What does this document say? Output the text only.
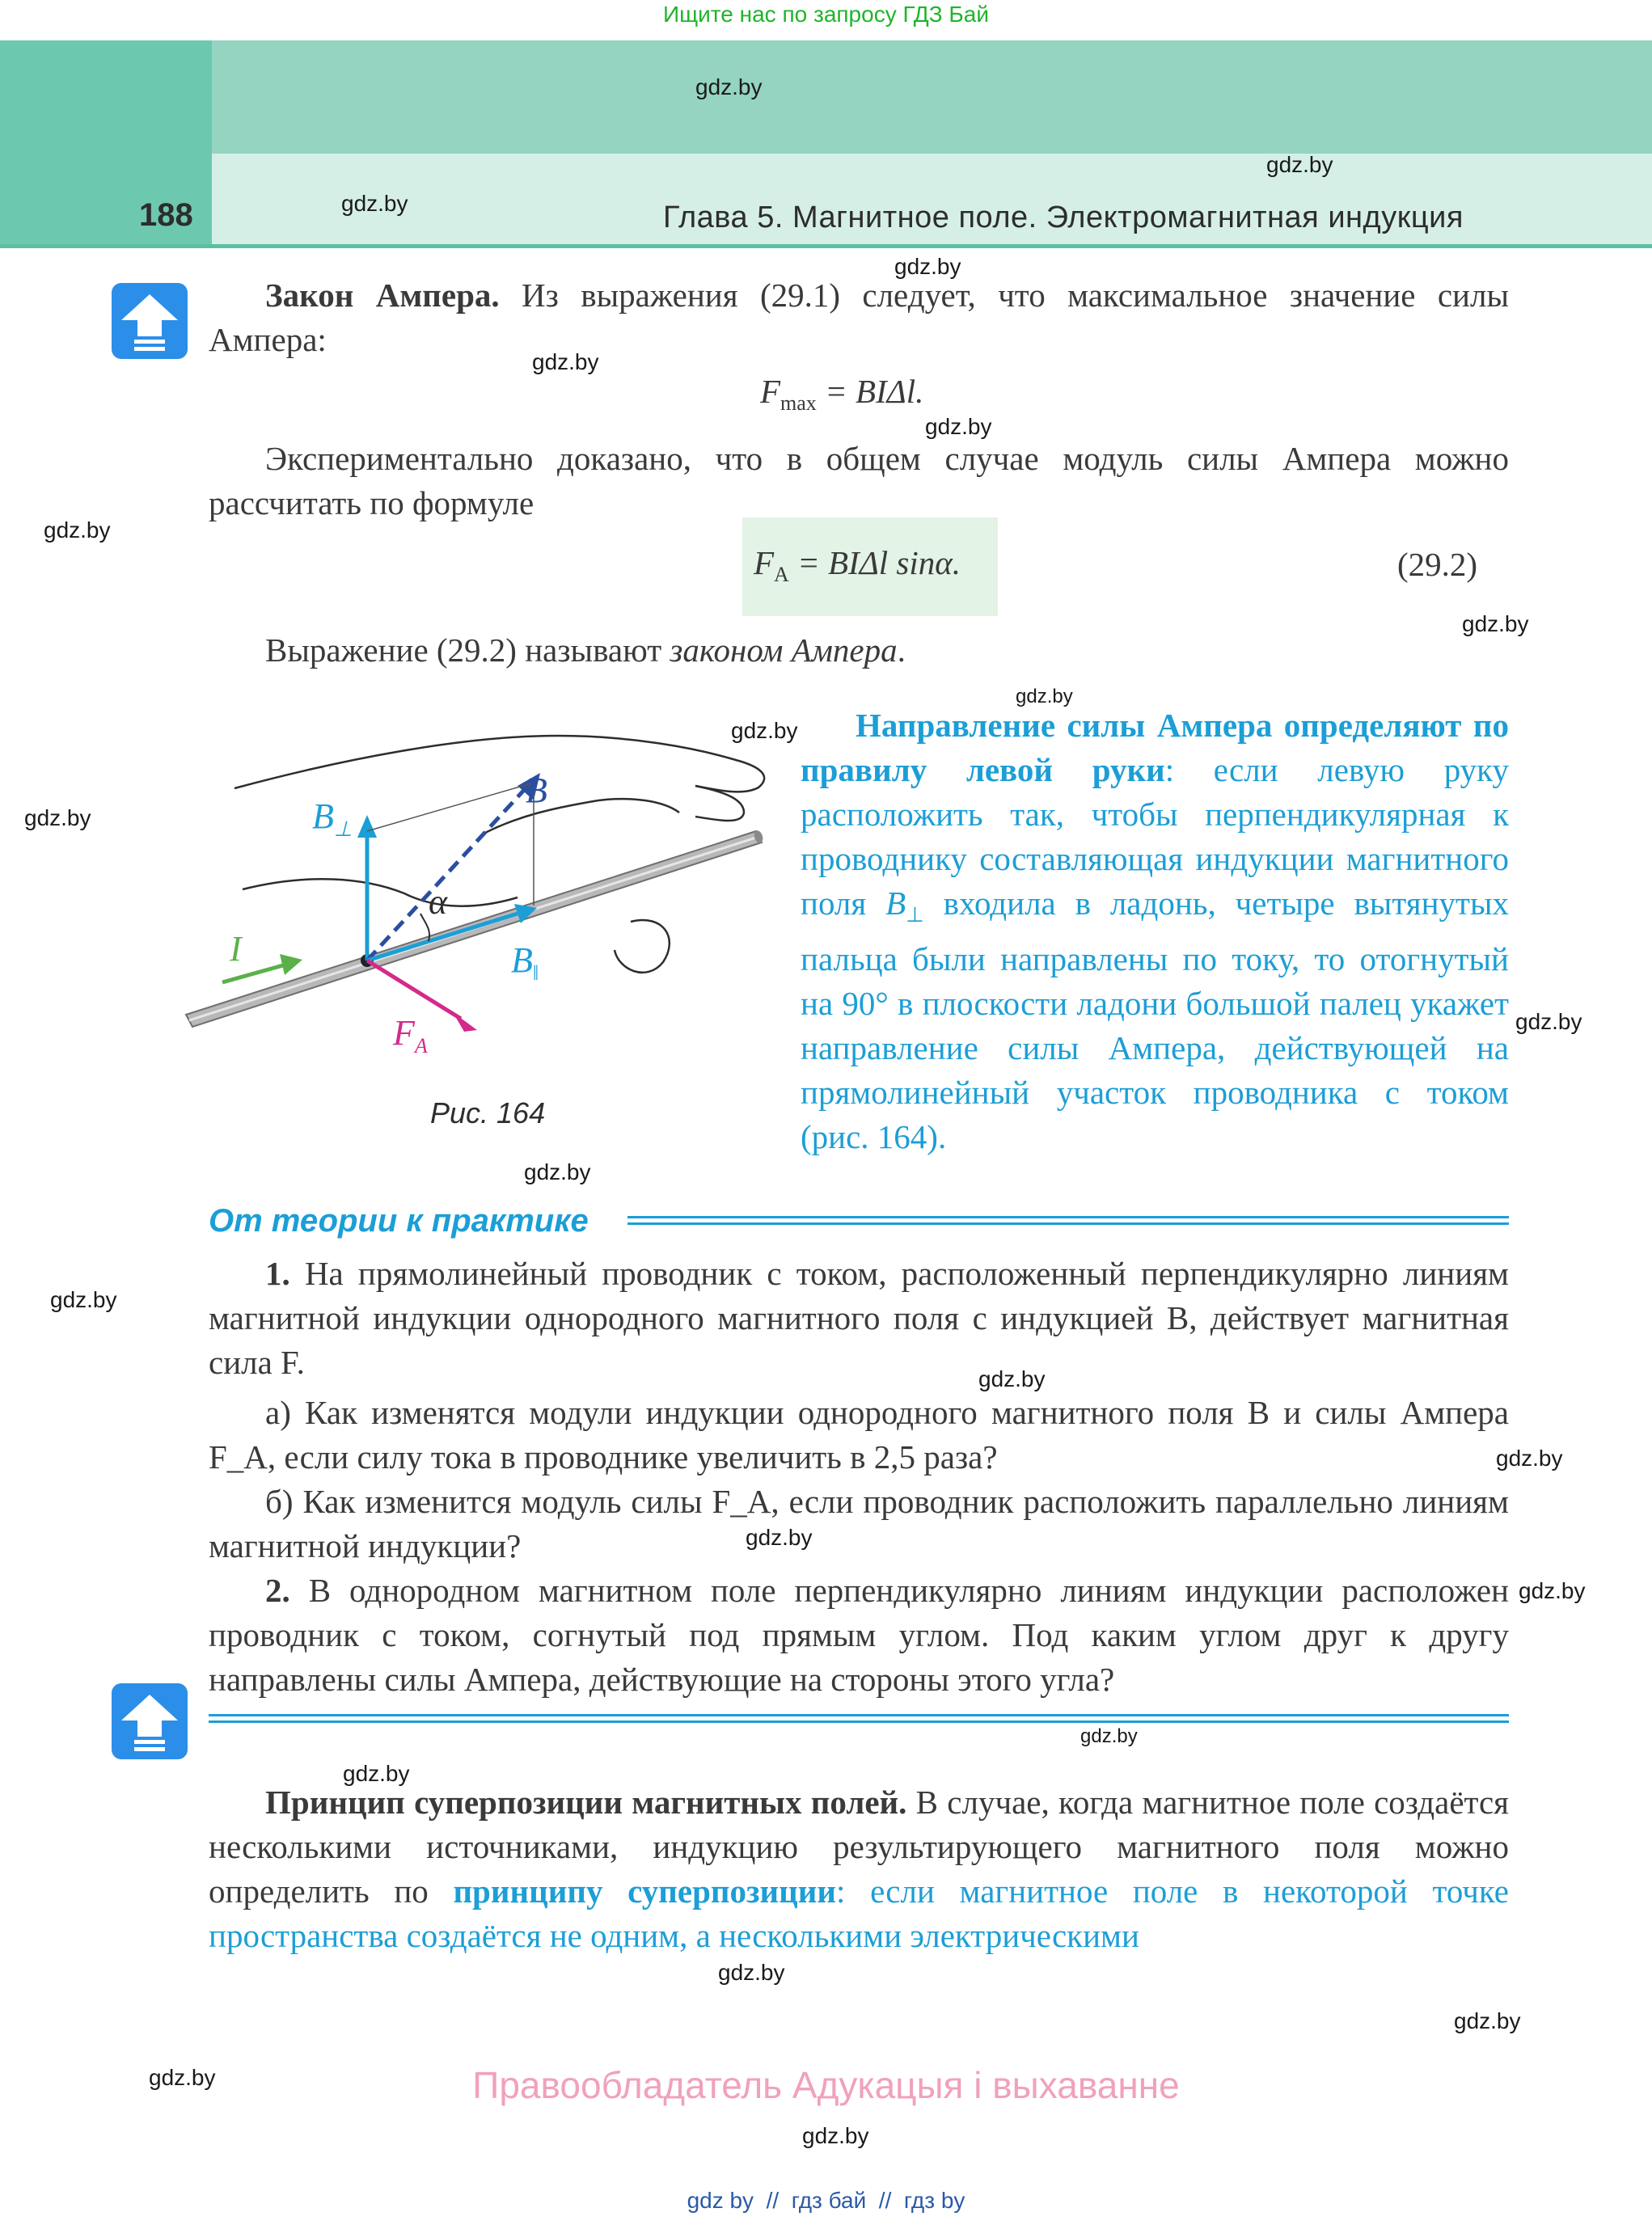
Ищите нас по запросу ГДЗ Бай
188	Глава 5. Магнитное поле. Электромагнитная индукция
Закон Ампера. Из выражения (29.1) следует, что максимальное значение силы Ампера:
$F_{max} = BI\Delta l$.
Экспериментально доказано, что в общем случае модуль силы Ампера можно рассчитать по формуле
$F_A = BI\Delta l$ sinα.	(29.2)
Выражение (29.2) называют законом Ампера.
$B_\perp$
B
α
I	$B_ǁ$
$F_A$
Рис. 164
Направление силы Ампера определяют по правилу левой руки: если левую руку расположить так, чтобы перпендикулярная к проводнику составляющая индукции магнитного поля $B_\perp$ входила в ладонь, четыре вытянутых пальца были направлены по току, то отогнутый на 90° в плоскости ладони большой палец укажет направление силы Ампера, действующей на прямолинейный участок проводника с током (рис. 164).
От теории к практике
1. На прямолинейный проводник с током, расположенный перпендикулярно линиям магнитной индукции однородного магнитного поля с индукцией B, действует магнитная сила F.
а) Как изменятся модули индукции однородного магнитного поля B и силы Ампера F_A, если силу тока в проводнике увеличить в 2,5 раза?
б) Как изменится модуль силы F_A, если проводник расположить параллельно линиям магнитной индукции?
2. В однородном магнитном поле перпендикулярно линиям индукции расположен проводник с током, согнутый под прямым углом. Под каким углом друг к другу направлены силы Ампера, действующие на стороны этого угла?
Принцип суперпозиции магнитных полей. В случае, когда магнитное поле создаётся несколькими источниками, индукцию результирующего магнитного поля можно определить по принципу суперпозиции: если магнитное поле в некоторой точке пространства создаётся не одним, а несколькими электрическими
Правообладатель Адукацыя і выхаванне
gdz by  //  гдз бай  //  гдз by
gdz.by
gdz.by
gdz.by
gdz.by
gdz.by
gdz.by
gdz.by
gdz.by
gdz.by
gdz.by
gdz.by
gdz.by
gdz.by
gdz.by
gdz.by
gdz.by
gdz.by
gdz.by
gdz.by
gdz.by
gdz.by
gdz.by
gdz.by
gdz.by
